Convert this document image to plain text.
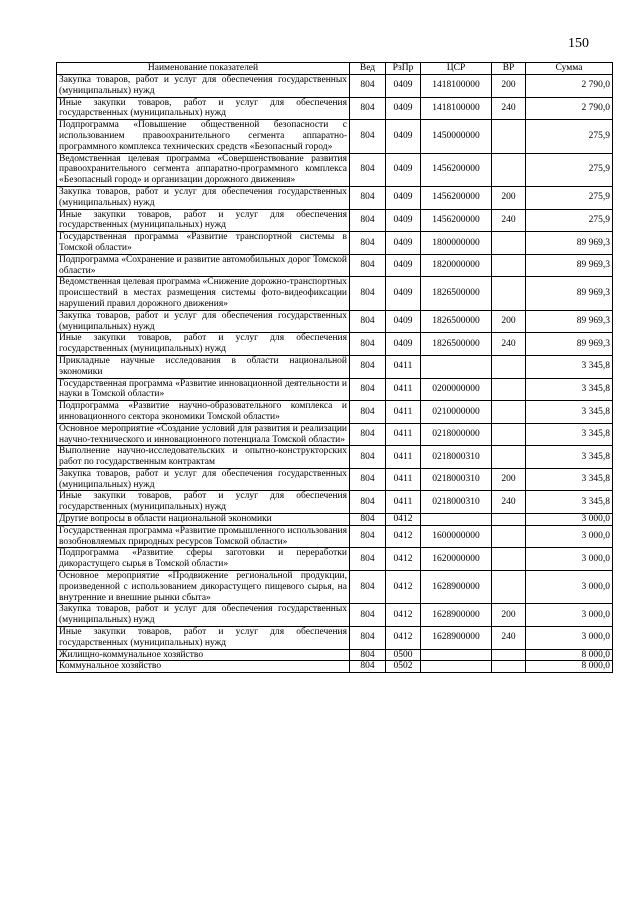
150
Наименование показателей	Вед	РзПр	ЦСР	ВР	Сумма
Закупка товаров, работ и услуг для обеспечения государственных (муниципальных) нужд	804	0409	1418100000	200	2 790,0
Иные закупки товаров, работ и услуг для обеспечения государственных (муниципальных) нужд	804	0409	1418100000	240	2 790,0
Подпрограмма «Повышение общественной безопасности с использованием правоохранительного сегмента аппаратно-программного комплекса технических средств «Безопасный город»	804	0409	1450000000		275,9
Ведомственная целевая программа «Совершенствование развития правоохранительного сегмента аппаратно-программного комплекса «Безопасный город» и организации дорожного движения»	804	0409	1456200000		275,9
Закупка товаров, работ и услуг для обеспечения государственных (муниципальных) нужд	804	0409	1456200000	200	275,9
Иные закупки товаров, работ и услуг для обеспечения государственных (муниципальных) нужд	804	0409	1456200000	240	275,9
Государственная программа «Развитие транспортной системы в Томской области»	804	0409	1800000000		89 969,3
Подпрограмма «Сохранение и развитие автомобильных дорог Томской области»	804	0409	1820000000		89 969,3
Ведомственная целевая программа «Снижение дорожно-транспортных происшествий в местах размещения системы фото-видеофиксации нарушений правил дорожного движения»	804	0409	1826500000		89 969,3
Закупка товаров, работ и услуг для обеспечения государственных (муниципальных) нужд	804	0409	1826500000	200	89 969,3
Иные закупки товаров, работ и услуг для обеспечения государственных (муниципальных) нужд	804	0409	1826500000	240	89 969,3
Прикладные научные исследования в области национальной экономики	804	0411			3 345,8
Государственная программа «Развитие инновационной деятельности и науки в Томской области»	804	0411	0200000000		3 345,8
Подпрограмма «Развитие научно-образовательного комплекса и инновационного сектора экономики Томской области»	804	0411	0210000000		3 345,8
Основное мероприятие «Создание условий для развития и реализации научно-технического и инновационного потенциала Томской области»	804	0411	0218000000		3 345,8
Выполнение научно-исследовательских и опытно-конструкторских работ по государственным контрактам	804	0411	0218000310		3 345,8
Закупка товаров, работ и услуг для обеспечения государственных (муниципальных) нужд	804	0411	0218000310	200	3 345,8
Иные закупки товаров, работ и услуг для обеспечения государственных (муниципальных) нужд	804	0411	0218000310	240	3 345,8
Другие вопросы в области национальной экономики	804	0412			3 000,0
Государственная программа «Развитие промышленного использования возобновляемых природных ресурсов Томской области»	804	0412	1600000000		3 000,0
Подпрограмма «Развитие сферы заготовки и переработки дикорастущего сырья в Томской области»	804	0412	1620000000		3 000,0
Основное мероприятие «Продвижение региональной продукции, произведенной с использованием дикорастущего пищевого сырья, на внутренние и внешние рынки сбыта»	804	0412	1628900000		3 000,0
Закупка товаров, работ и услуг для обеспечения государственных (муниципальных) нужд	804	0412	1628900000	200	3 000,0
Иные закупки товаров, работ и услуг для обеспечения государственных (муниципальных) нужд	804	0412	1628900000	240	3 000,0
Жилищно-коммунальное хозяйство	804	0500			8 000,0
Коммунальное хозяйство	804	0502			8 000,0
